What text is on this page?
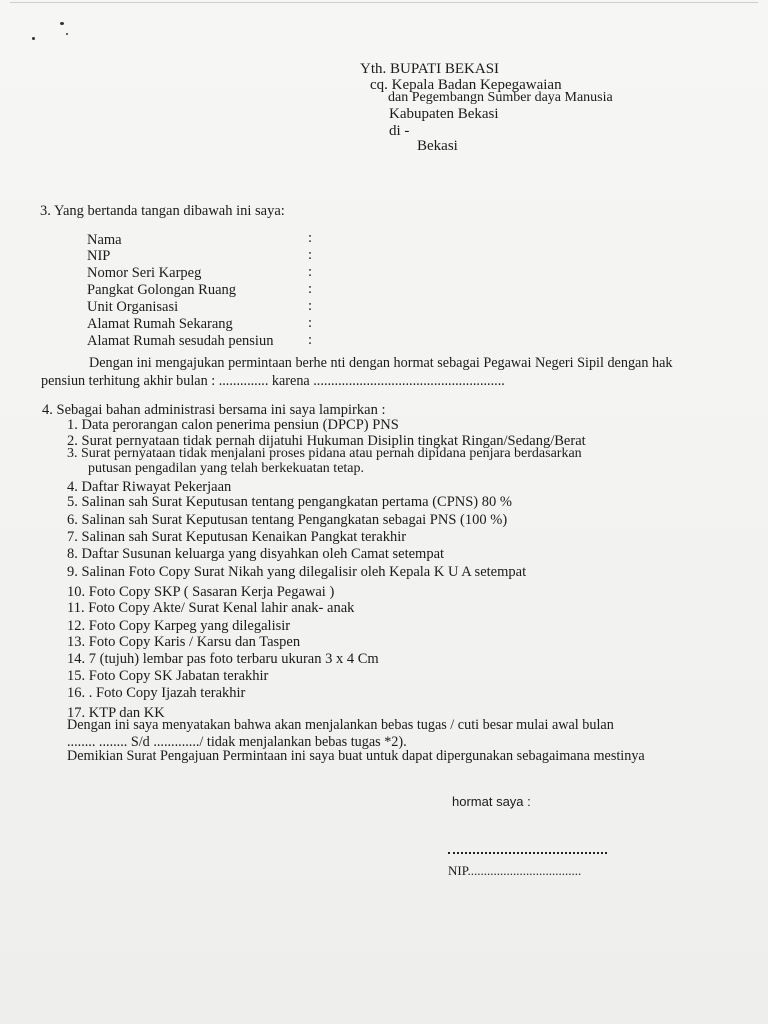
Yth. BUPATI BEKASI
cq. Kepala Badan Kepegawaian
dan Pegembangn Sumber daya Manusia
Kabupaten Bekasi
di -
Bekasi
3. Yang bertanda tangan dibawah ini saya:
Nama	:
NIP	:
Nomor Seri Karpeg	:
Pangkat Golongan Ruang	:
Unit Organisasi	:
Alamat Rumah Sekarang	:
Alamat Rumah sesudah pensiun :
Dengan ini mengajukan permintaan berhe nti dengan hormat sebagai Pegawai Negeri Sipil dengan hak
pensiun terhitung akhir bulan : .............. karena ......................................................
4. Sebagai bahan administrasi bersama ini saya lampirkan :
1. Data perorangan calon penerima pensiun (DPCP) PNS
2. Surat pernyataan tidak pernah dijatuhi Hukuman Disiplin tingkat Ringan/Sedang/Berat
3. Surat pernyataan tidak menjalani proses pidana atau pernah dipidana penjara berdasarkan
putusan pengadilan yang telah berkekuatan tetap.
4. Daftar Riwayat Pekerjaan
5. Salinan sah Surat Keputusan tentang pengangkatan pertama (CPNS) 80 %
6. Salinan sah Surat Keputusan tentang Pengangkatan sebagai PNS (100 %)
7. Salinan sah Surat Keputusan Kenaikan Pangkat terakhir
8. Daftar Susunan keluarga yang disyahkan oleh Camat setempat
9. Salinan Foto Copy Surat Nikah yang dilegalisir oleh Kepala K U A setempat
10. Foto Copy SKP ( Sasaran Kerja Pegawai )
11. Foto Copy Akte/ Surat Kenal lahir anak- anak
12. Foto Copy Karpeg yang dilegalisir
13. Foto Copy Karis / Karsu dan Taspen
14. 7 (tujuh) lembar pas foto terbaru ukuran 3 x 4 Cm
15. Foto Copy SK Jabatan terakhir
16. . Foto Copy Ijazah terakhir
17. KTP dan KK
Dengan ini saya menyatakan bahwa akan menjalankan bebas tugas / cuti besar mulai awal bulan
........ ........ S/d ............./ tidak menjalankan bebas tugas *2).
Demikian Surat Pengajuan Permintaan ini saya buat untuk dapat dipergunakan sebagaimana mestinya
hormat saya :
NIP...................................
